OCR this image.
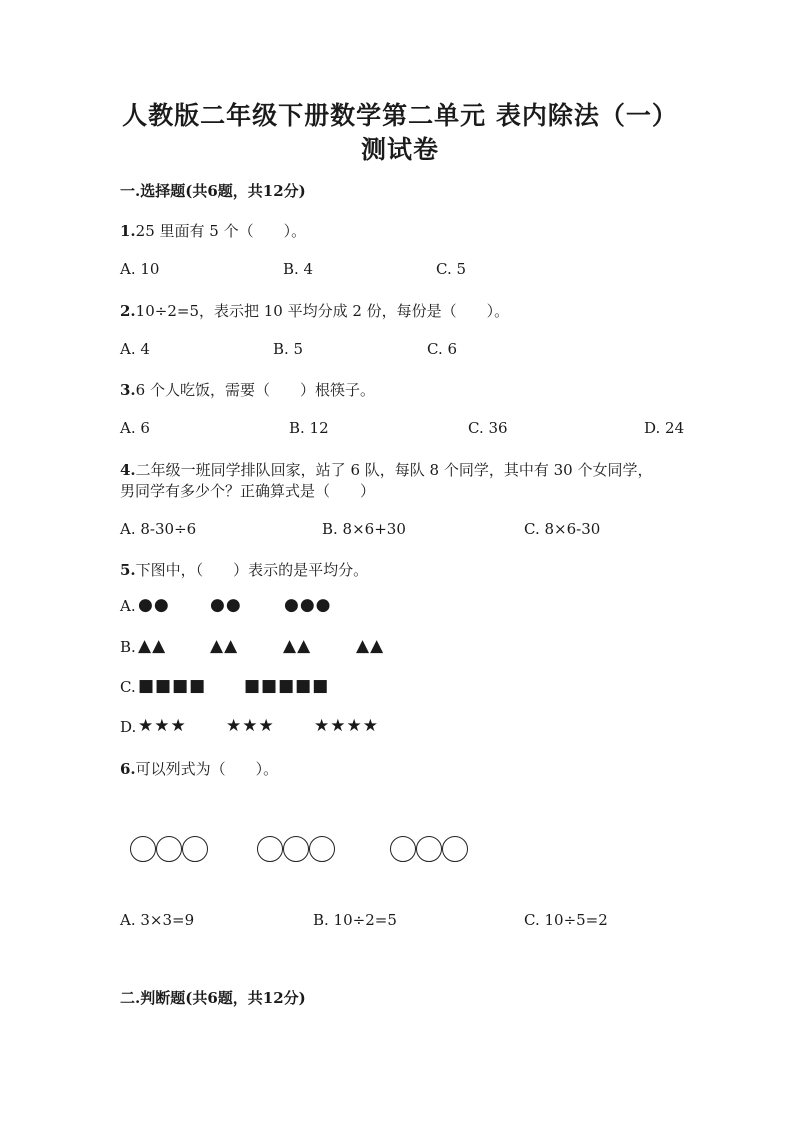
人教版二年级下册数学第二单元 表内除法（一）
测试卷
一.选择题(共6题，共12分)
1.25 里面有 5 个（　　）。
A. 10	B. 4	C. 5
2.10÷2=5，表示把 10 平均分成 2 份，每份是（　　）。
A. 4	B. 5	C. 6
3.6 个人吃饭，需要（　　）根筷子。
A. 6	B. 12	C. 36	D. 24
4.二年级一班同学排队回家，站了 6 队，每队 8 个同学，其中有 30 个女同学，
男同学有多少个？正确算式是（　　）
A. 8-30÷6	B. 8×6+30	C. 8×6-30
5.下图中，（　　）表示的是平均分。
A. ●● ●● ●●●
B. ▲▲	▲▲	▲▲	▲▲
C. ■■■■ ■■■■■
D. ★★★ ★★★ ★★★★
6.可以列式为（　　）。
A. 3×3=9	B. 10÷2=5	C. 10÷5=2
二.判断题(共6题，共12分)
